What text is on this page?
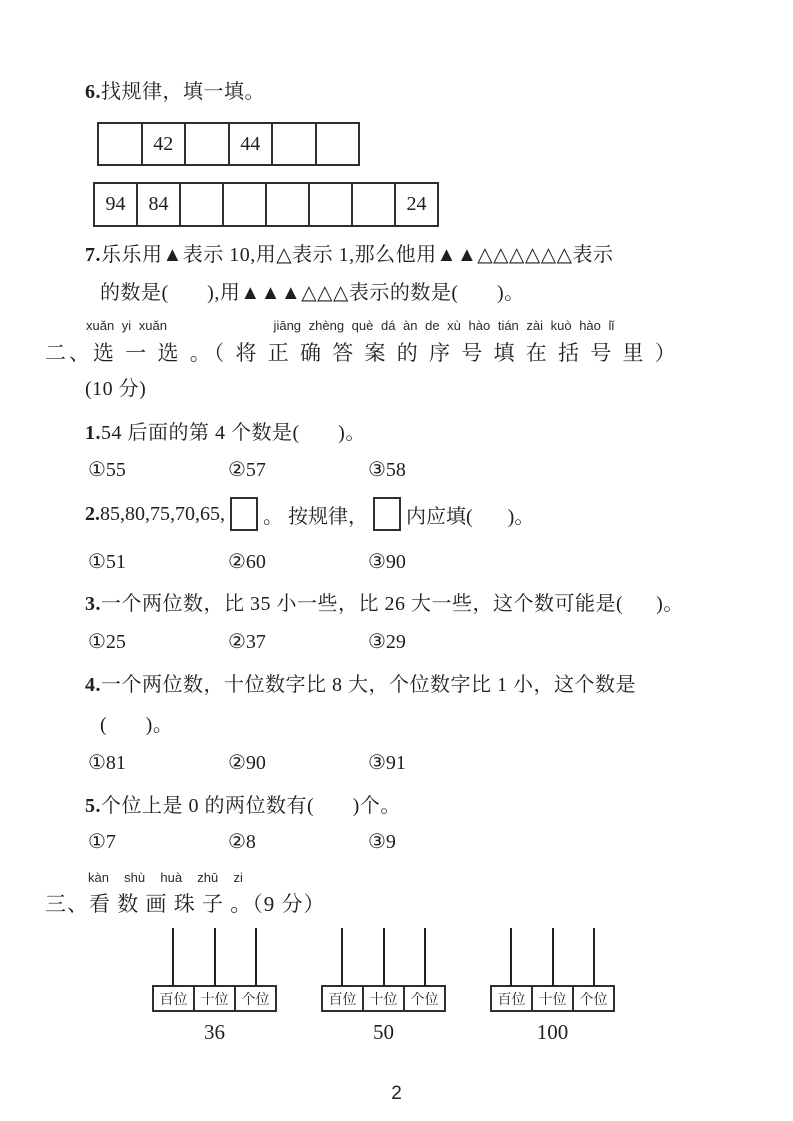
6.找规律，填一填。
42	44
94	84	24
7.乐乐用▲表示 10,用△表示 1,那么他用▲▲△△△△△△表示
的数是(       ),用▲▲▲△△△表示的数是(       )。
xuǎn yi xuǎn              jiāng zhèng què dá àn de xù hào tián zài kuò hào lǐ
二、选 一 选 。（ 将 正 确 答 案 的 序 号 填 在 括 号 里 ）
(10 分)
1.54 后面的第 4 个数是(       )。
①55	②57	③58
2. 85,80,75,70,65, 。 按规律， 内应填(       )。
①51	②60	③90
3.一个两位数，比 35 小一些，比 26 大一些，这个数可能是(      )。
①25	②37	③29
4.一个两位数，十位数字比 8 大，个位数字比 1 小，这个数是
(       )。
①81	②90	③91
5.个位上是 0 的两位数有(       )个。
①7	②8	③9
kàn  shù  huà  zhū  zi
三、看 数 画 珠 子 。（9 分）
百位 十位 个位
36
百位 十位 个位
50
百位 十位 个位
100
2
